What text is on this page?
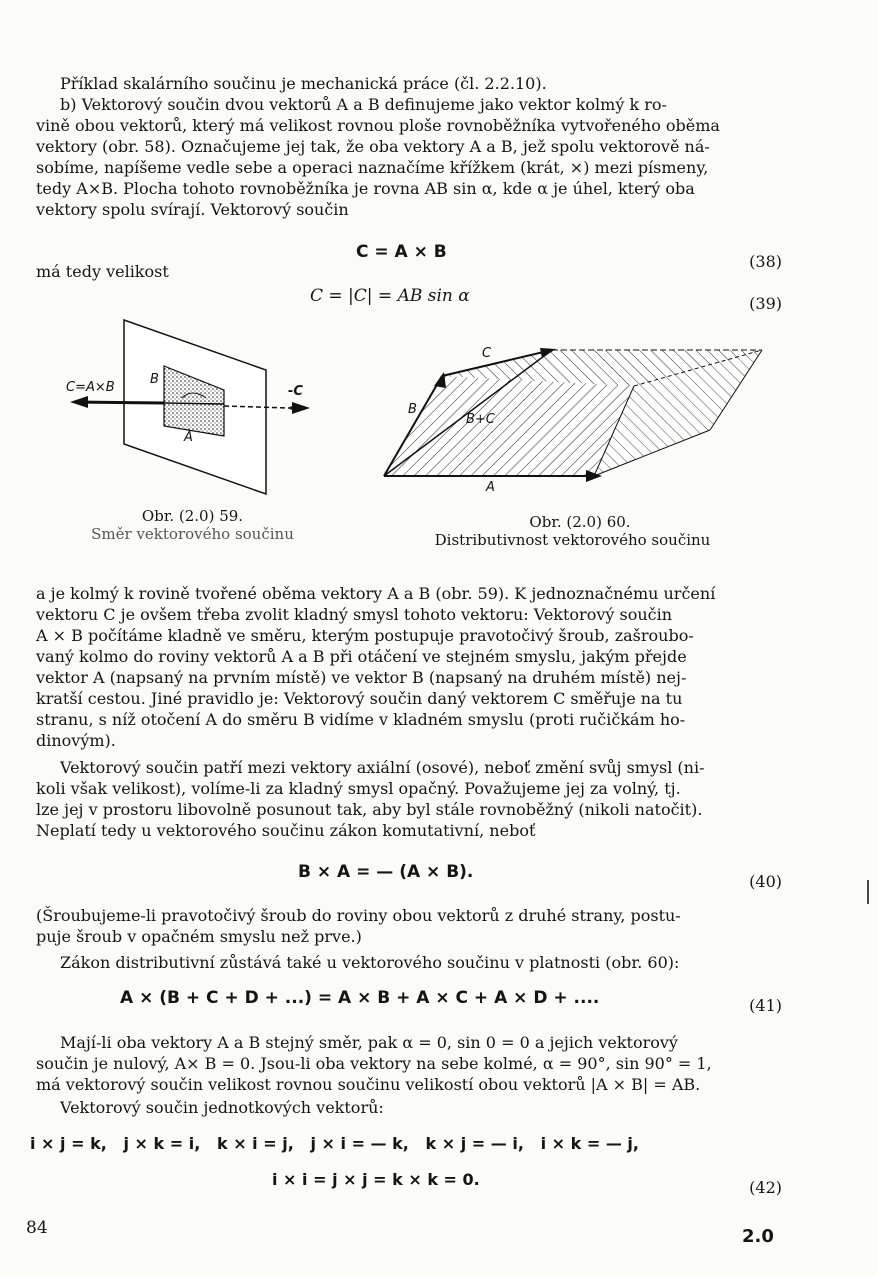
Příklad skalárního součinu je mechanická práce (čl. 2.2.10).

b) Vektorový součin dvou vektorů A a B definujeme jako vektor kolmý k ro-

vině obou vektorů, který má velikost rovnou ploše rovnoběžníka vytvořeného oběma

vektory (obr. 58). Označujeme jej tak, že oba vektory A a B, jež spolu vektorově ná-

sobíme, napíšeme vedle sebe a operaci naznačíme křížkem (krát, ×) mezi písmeny,

tedy A×B. Plocha tohoto rovnoběžníka je rovna AB sin α, kde α je úhel, který oba

vektory spolu svírají. Vektorový součin

C = A × B	(38)

má tedy velikost

C = |C| = AB sin α	(39)
C=A×B	-C
B
A
Obr. (2.0) 59.
Směr vektorového součinu
C
B
B+C
A
Obr. (2.0) 60.
Distributivnost vektorového součinu

a je kolmý k rovině tvořené oběma vektory A a B (obr. 59). K jednoznačnému určení

vektoru C je ovšem třeba zvolit kladný smysl tohoto vektoru: Vektorový součin

A × B počítáme kladně ve směru, kterým postupuje pravotočivý šroub, zašroubo-

vaný kolmo do roviny vektorů A a B při otáčení ve stejném smyslu, jakým přejde

vektor A (napsaný na prvním místě) ve vektor B (napsaný na druhém místě) nej-

kratší cestou. Jiné pravidlo je: Vektorový součin daný vektorem C směřuje na tu

stranu, s níž otočení A do směru B vidíme v kladném smyslu (proti ručičkám ho-

dinovým).

Vektorový součin patří mezi vektory axiální (osové), neboť změní svůj smysl (ni-

koli však velikost), volíme-li za kladný smysl opačný. Považujeme jej za volný, tj.

lze jej v prostoru libovolně posunout tak, aby byl stále rovnoběžný (nikoli natočit).

Neplatí tedy u vektorového součinu zákon komutativní, neboť

B × A = — (A × B).	(40)

(Šroubujeme-li pravotočivý šroub do roviny obou vektorů z druhé strany, postu-

puje šroub v opačném smyslu než prve.)

Zákon distributivní zůstává také u vektorového součinu v platnosti (obr. 60):

A × (B + C + D + ...) = A × B + A × C + A × D + ....	(41)

Mají-li oba vektory A a B stejný směr, pak α = 0, sin 0 = 0 a jejich vektorový

součin je nulový, A× B = 0. Jsou-li oba vektory na sebe kolmé, α = 90°, sin 90° = 1,

má vektorový součin velikost rovnou součinu velikostí obou vektorů |A × B| = AB.

Vektorový součin jednotkových vektorů:

i × j = k,   j × k = i,   k × i = j,   j × i = — k,   k × j = — i,   i × k = — j,
i × i = j × j = k × k = 0.	(42)
84	2.0
